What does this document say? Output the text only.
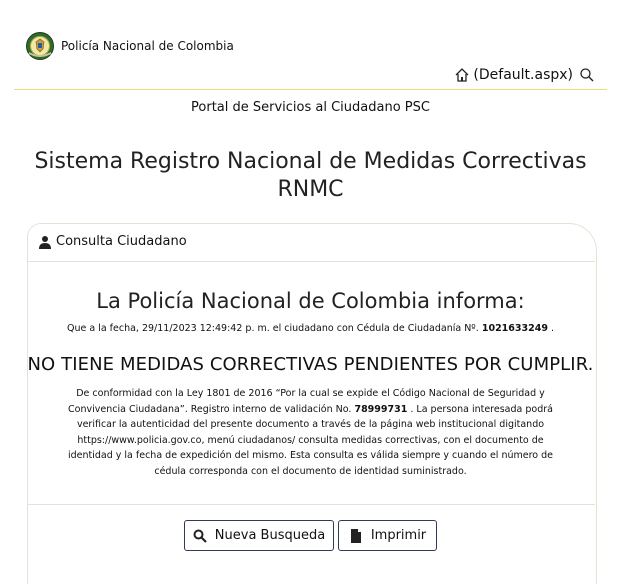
Policía Nacional de Colombia
(Default.aspx)
Portal de Servicios al Ciudadano PSC
Sistema Registro Nacional de Medidas Correctivas
RNMC
Consulta Ciudadano
La Policía Nacional de Colombia informa:
Que a la fecha, 29/11/2023 12:49:42 p. m. el ciudadano con Cédula de Ciudadanía Nº. 1021633249 .
NO TIENE MEDIDAS CORRECTIVAS PENDIENTES POR CUMPLIR.
De conformidad con la Ley 1801 de 2016 “Por la cual se expide el Código Nacional de Seguridad y Convivencia Ciudadana”. Registro interno de validación No. 78999731 . La persona interesada podrá verificar la autenticidad del presente documento a través de la página web institucional digitando https://www.policia.gov.co, menú ciudadanos/ consulta medidas correctivas, con el documento de identidad y la fecha de expedición del mismo. Esta consulta es válida siempre y cuando el número de cédula corresponda con el documento de identidad suministrado.
Nueva Busqueda	Imprimir
